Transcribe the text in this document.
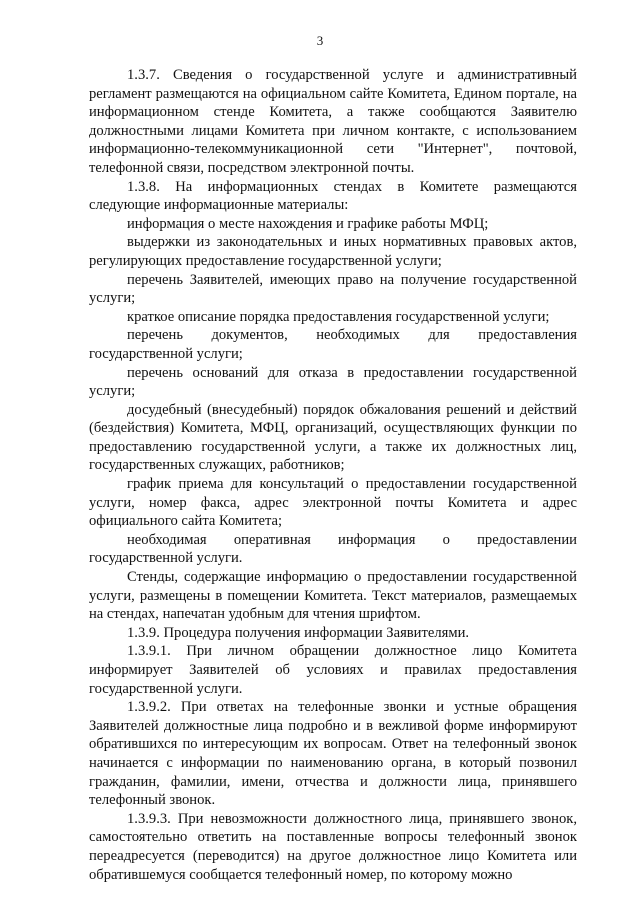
3

1.3.7. Сведения о государственной услуге и административный регламент размещаются на официальном сайте Комитета, Едином портале, на информационном стенде Комитета, а также сообщаются Заявителю должностными лицами Комитета при личном контакте, с использованием информационно-телекоммуникационной сети "Интернет", почтовой, телефонной связи, посредством электронной почты.

1.3.8. На информационных стендах в Комитете размещаются следующие информационные материалы:

информация о месте нахождения и графике работы МФЦ;

выдержки из законодательных и иных нормативных правовых актов, регулирующих предоставление государственной услуги;

перечень Заявителей, имеющих право на получение государственной услуги;

краткое описание порядка предоставления государственной услуги;

перечень документов, необходимых для предоставления государственной услуги;

перечень оснований для отказа в предоставлении государственной услуги;

досудебный (внесудебный) порядок обжалования решений и действий (бездействия) Комитета, МФЦ, организаций, осуществляющих функции по предоставлению государственной услуги, а также их должностных лиц, государственных служащих, работников;

график приема для консультаций о предоставлении государственной услуги, номер факса, адрес электронной почты Комитета и адрес официального сайта Комитета;

необходимая оперативная информация о предоставлении государственной услуги.

Стенды, содержащие информацию о предоставлении государственной услуги, размещены в помещении Комитета. Текст материалов, размещаемых на стендах, напечатан удобным для чтения шрифтом.

1.3.9. Процедура получения информации Заявителями.

1.3.9.1. При личном обращении должностное лицо Комитета информирует Заявителей об условиях и правилах предоставления государственной услуги.

1.3.9.2. При ответах на телефонные звонки и устные обращения Заявителей должностные лица подробно и в вежливой форме информируют обратившихся по интересующим их вопросам. Ответ на телефонный звонок начинается с информации по наименованию органа, в который позвонил гражданин, фамилии, имени, отчества и должности лица, принявшего телефонный звонок.

1.3.9.3. При невозможности должностного лица, принявшего звонок, самостоятельно ответить на поставленные вопросы телефонный звонок переадресуется (переводится) на другое должностное лицо Комитета или обратившемуся сообщается телефонный номер, по которому можно
